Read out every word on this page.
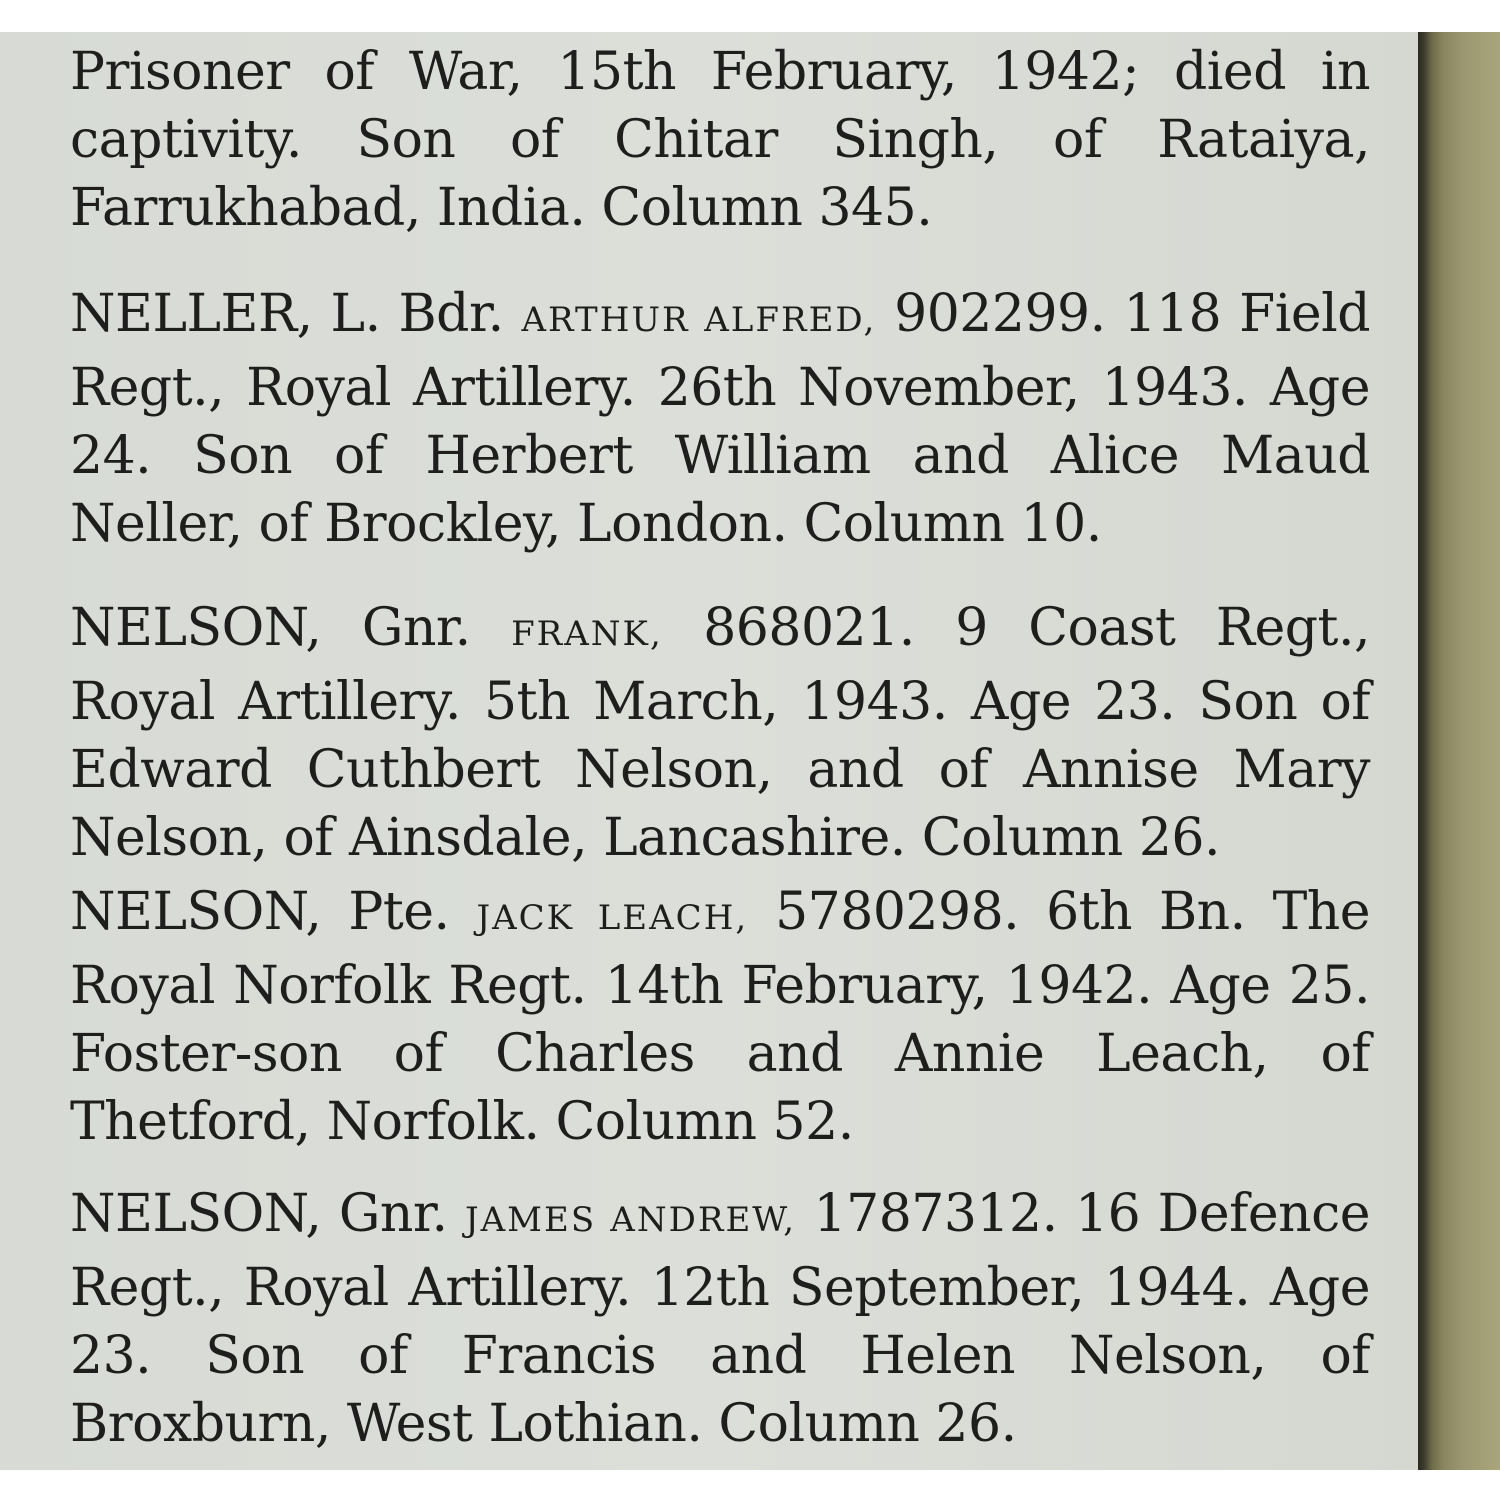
Prisoner of War, 15th February, 1942; died in captivity. Son of Chitar Singh, of Rataiya, Farrukhabad, India. Column 345.

NELLER, L. Bdr. ARTHUR ALFRED, 902299. 118 Field Regt., Royal Artillery. 26th November, 1943. Age 24. Son of Herbert William and Alice Maud Neller, of Brockley, London. Column 10.

NELSON, Gnr. FRANK, 868021. 9 Coast Regt., Royal Artillery. 5th March, 1943. Age 23. Son of Edward Cuthbert Nelson, and of Annise Mary Nelson, of Ainsdale, Lancashire. Column 26.

NELSON, Pte. JACK LEACH, 5780298. 6th Bn. The Royal Norfolk Regt. 14th February, 1942. Age 25. Foster-son of Charles and Annie Leach, of Thetford, Norfolk. Column 52.

NELSON, Gnr. JAMES ANDREW, 1787312. 16 Defence Regt., Royal Artillery. 12th September, 1944. Age 23. Son of Francis and Helen Nelson, of Broxburn, West Lothian. Column 26.
